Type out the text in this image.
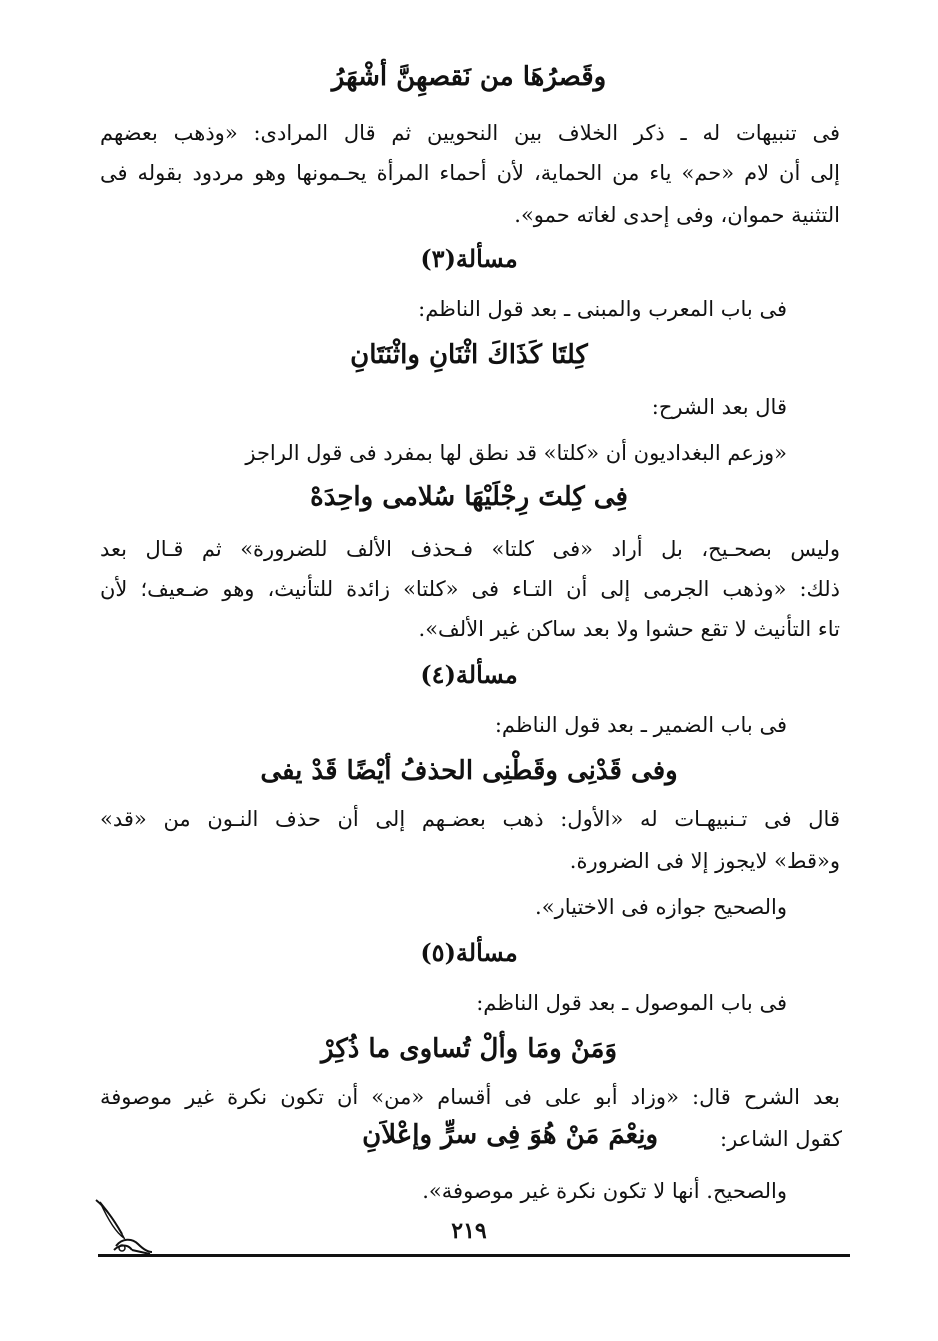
وقَصرُهَا من نَقصهِنَّ أشْهَرُ
فى تنبيهات له ـ ذكر الخلاف بين النحويين ثم قال المرادى: «وذهب بعضهم
إلى أن لام «حم» ياء من الحماية، لأن أحماء المرأة يحـمونها وهو مردود بقوله فى
التثنية حموان، وفى إحدى لغاته حمو».
مسألة(٣)
فى باب المعرب والمبنى ـ بعد قول الناظم:
كِلتَا كَذَاكَ اثْنَانِ واثْنَتَانِ
قال بعد الشرح:
«وزعم البغداديون أن «كلتا» قد نطق لها بمفرد فى قول الراجز
فِى كِلتَ رِجْلَيْهَا سُلامى واحِدَهْ
وليس بصحـيح، بل أراد «فى كلتا» فـحذف الألف للضرورة» ثم قـال بعد
ذلك: «وذهب الجرمى إلى أن التـاء فى «كلتا» زائدة للتأنيث، وهو ضـعيف؛ لأن
تاء التأنيث لا تقع حشوا ولا بعد ساكن غير الألف».
مسألة(٤)
فى باب الضمير ـ بعد قول الناظم:
وفى قَدْنِى وقَطْنِى الحذفُ أيْضًا قَدْ يفى
قال فى تـنبيهـات له «الأول: ذهب بعضـهم إلى أن حذف النـون من «قد»
و«قط» لايجوز إلا فى الضرورة.
والصحيح جوازه فى الاختيار».
مسألة(٥)
فى باب الموصول ـ بعد قول الناظم:
وَمَنْ ومَا وألْ تُساوى ما ذُكِرْ
بعد الشرح قال: «وزاد أبو على فى أقسام «من» أن تكون نكرة غير موصوفة
كقول الشاعر:
ونِعْمَ مَنْ هُوَ فِى سرٍّ وإعْلاَنِ
والصحيح. أنها لا تكون نكرة غير موصوفة».
٢١٩
